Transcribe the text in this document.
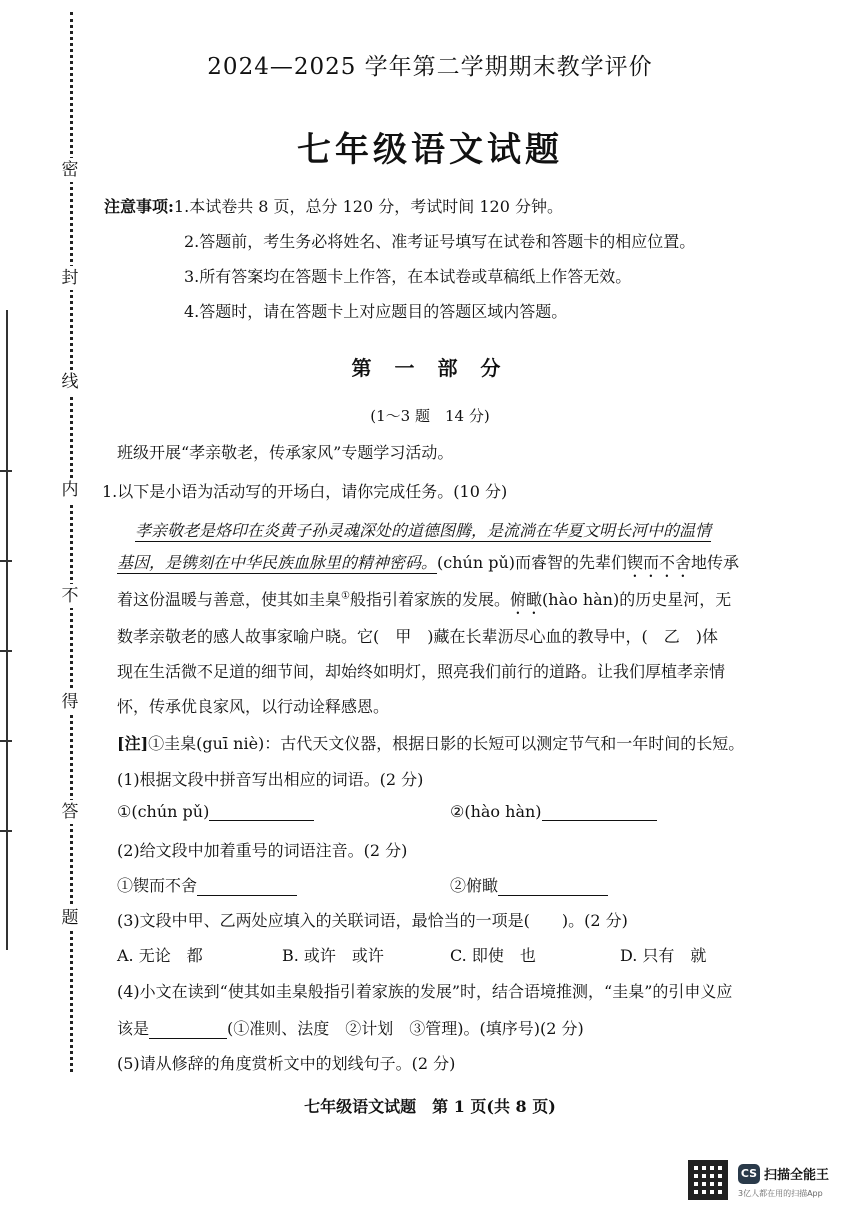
密
封
线
内
不
得
答
题
2024—2025 学年第二学期期末教学评价
七年级语文试题
注意事项:1.本试卷共 8 页，总分 120 分，考试时间 120 分钟。
2.答题前，考生务必将姓名、准考证号填写在试卷和答题卡的相应位置。
3.所有答案均在答题卡上作答，在本试卷或草稿纸上作答无效。
4.答题时，请在答题卡上对应题目的答题区域内答题。
第 一 部 分
(1～3 题　14 分)
班级开展“孝亲敬老，传承家风”专题学习活动。
1.以下是小语为活动写的开场白，请你完成任务。(10 分)
孝亲敬老是烙印在炎黄子孙灵魂深处的道德图腾，是流淌在华夏文明长河中的温情
基因，是镌刻在中华民族血脉里的精神密码。(chún pǔ)而睿智的先辈们锲而不舍地传承
着这份温暖与善意，使其如圭臬①般指引着家族的发展。俯瞰(hào hàn)的历史星河，无
数孝亲敬老的感人故事家喻户晓。它(　甲　)藏在长辈沥尽心血的教导中，(　乙　)体
现在生活微不足道的细节间，却始终如明灯，照亮我们前行的道路。让我们厚植孝亲情
怀，传承优良家风，以行动诠释感恩。
[注]①圭臬(guī niè)：古代天文仪器，根据日影的长短可以测定节气和一年时间的长短。
(1)根据文段中拼音写出相应的词语。(2 分)
①(chún pǔ)	②(hào hàn)
(2)给文段中加着重号的词语注音。(2 分)
①锲而不舍	②俯瞰
(3)文段中甲、乙两处应填入的关联词语，最恰当的一项是(　　)。(2 分)
A. 无论　都	B. 或许　或许	C. 即使　也	D. 只有　就
(4)小文在读到“使其如圭臬般指引着家族的发展”时，结合语境推测，“圭臬”的引申义应
该是	(①准则、法度　②计划　③管理)。(填序号)(2 分)
(5)请从修辞的角度赏析文中的划线句子。(2 分)
七年级语文试题　第 1 页(共 8 页)
CS 扫描全能王
3亿人都在用的扫描App
